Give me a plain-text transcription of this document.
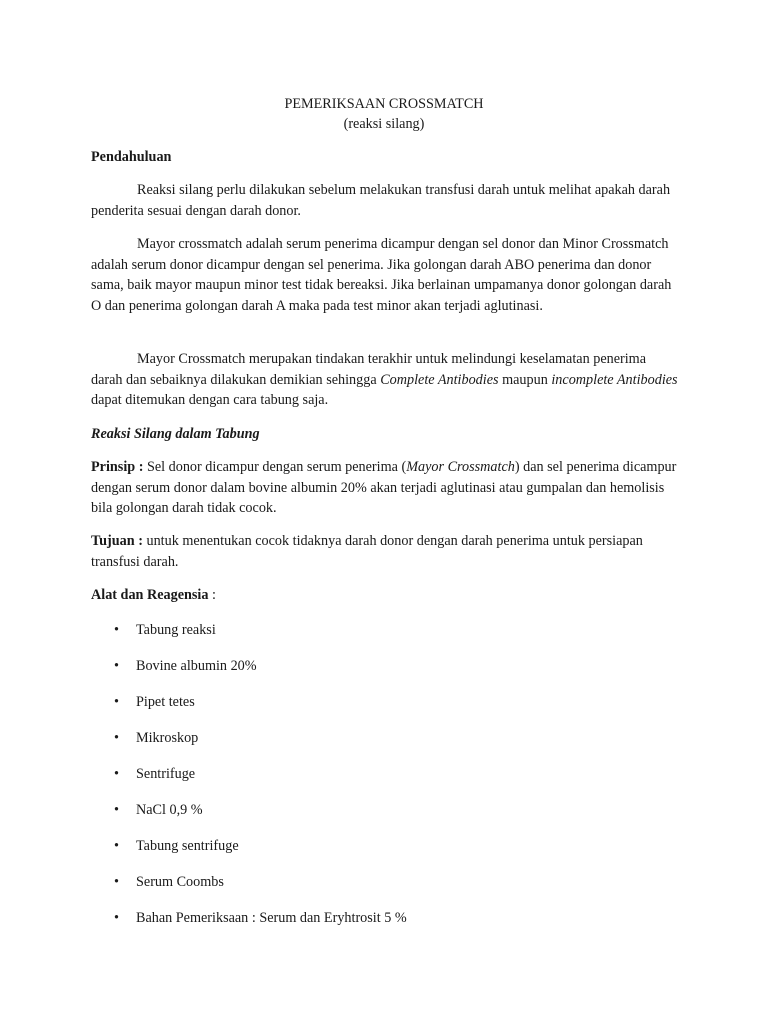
PEMERIKSAAN CROSSMATCH
(reaksi silang)
Pendahuluan
Reaksi silang perlu dilakukan sebelum melakukan transfusi darah untuk melihat apakah darah penderita sesuai dengan darah donor.
Mayor crossmatch adalah serum penerima dicampur dengan sel donor dan Minor Crossmatch adalah serum donor dicampur dengan sel penerima. Jika golongan darah ABO penerima dan donor sama, baik mayor maupun minor test tidak bereaksi. Jika berlainan umpamanya donor golongan darah O dan penerima golongan darah A maka pada test minor akan terjadi aglutinasi.
Mayor Crossmatch merupakan tindakan terakhir untuk melindungi keselamatan penerima darah dan sebaiknya dilakukan demikian sehingga Complete Antibodies maupun incomplete Antibodies dapat ditemukan dengan cara tabung saja.
Reaksi Silang dalam Tabung
Prinsip : Sel donor dicampur dengan serum penerima (Mayor Crossmatch) dan sel penerima dicampur dengan serum donor dalam bovine albumin 20% akan terjadi aglutinasi atau gumpalan dan hemolisis bila golongan darah tidak cocok.
Tujuan : untuk menentukan cocok tidaknya darah donor dengan darah penerima untuk persiapan transfusi darah.
Alat dan Reagensia :
•	Tabung reaksi
•	Bovine albumin 20%
•	Pipet tetes
•	Mikroskop
•	Sentrifuge
•	NaCl 0,9 %
•	Tabung sentrifuge
•	Serum Coombs
•	Bahan Pemeriksaan : Serum dan Eryhtrosit 5 %
